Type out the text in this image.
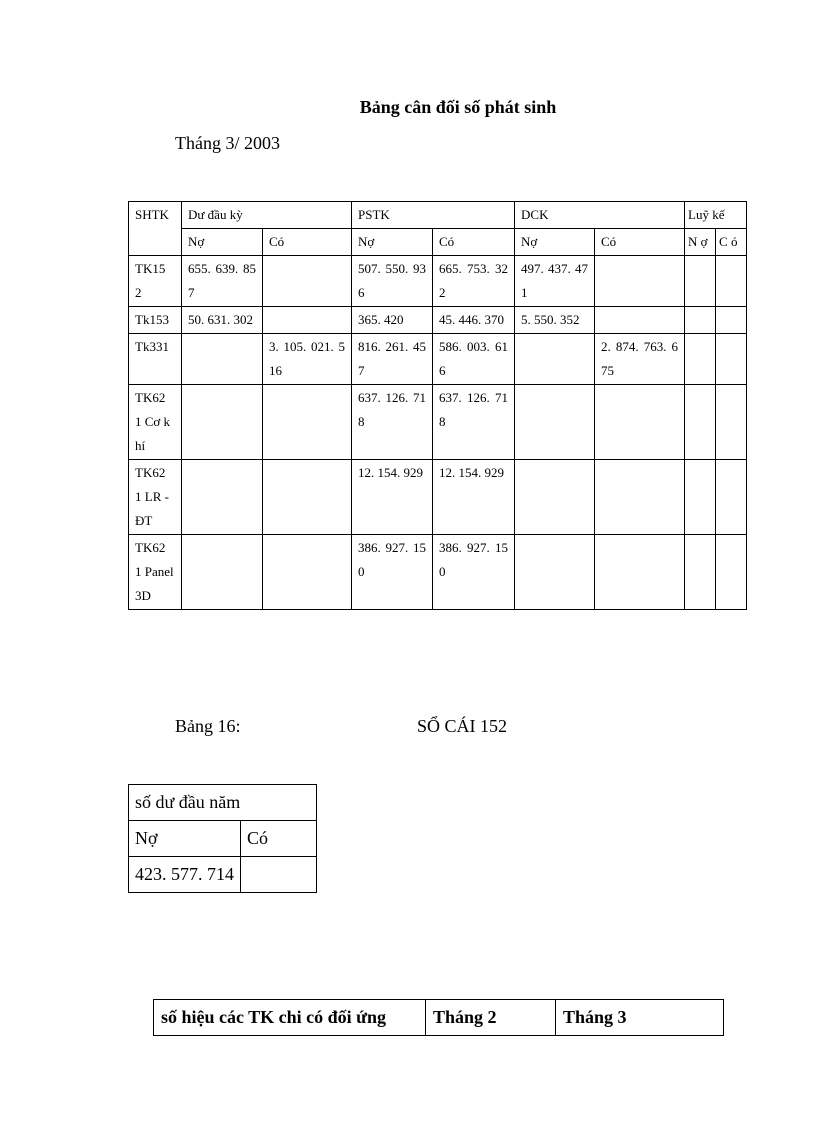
Bảng cân đối số phát sinh
Tháng 3/ 2003
SHTK	Dư đầu kỳ		PSTK		DCK		Luỹ kế	
	Nợ	Có	Nợ	Có	Nợ	Có	N ợ	C ó
TK15 2	655. 639. 857		507. 550. 936	665. 753. 322	497. 437. 471			
Tk153	50. 631. 302		365. 420	45. 446. 370	5. 550. 352			
Tk331		3. 105. 021. 516	816. 261. 457	586. 003. 616		2. 874. 763. 675		
TK62 1 Cơ khí			637. 126. 718	637. 126. 718				
TK62 1 LR - ĐT			12. 154. 929	12. 154. 929				
TK62 1 Panel 3D			386. 927. 150	386. 927. 150				
Bảng 16:	SỔ CÁI 152
số dư đầu năm	
Nợ	Có
423. 577. 714	
số hiệu các TK chi có đối ứng	Tháng 2	Tháng 3
